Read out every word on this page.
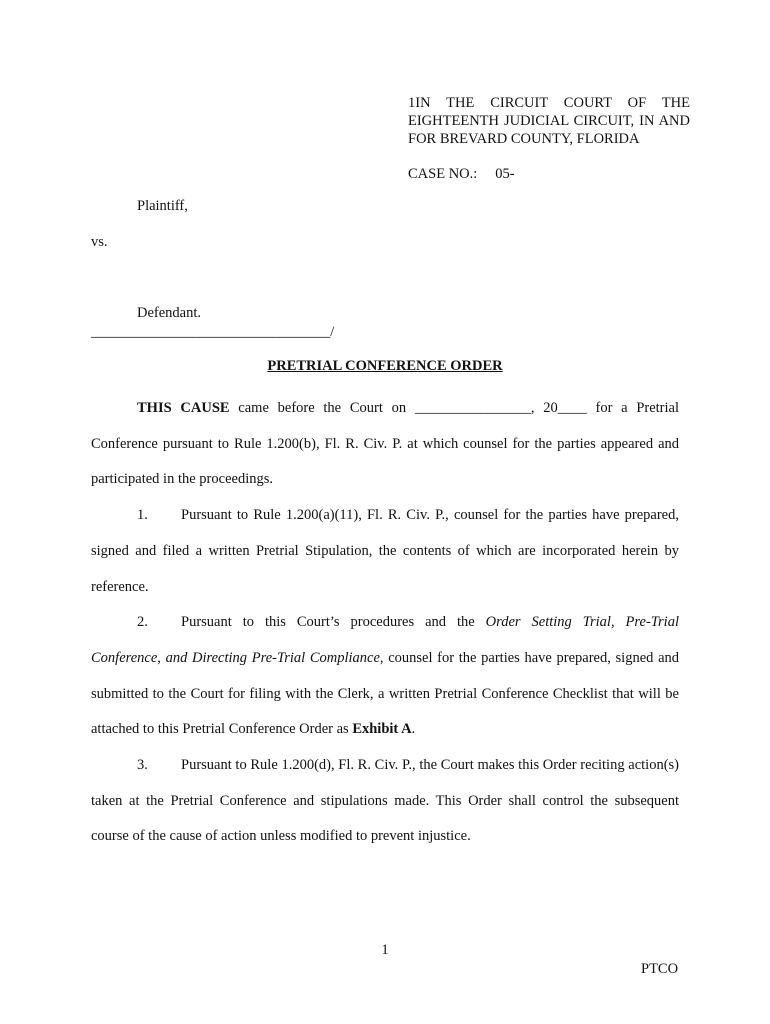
1IN THE CIRCUIT COURT OF THE EIGHTEENTH JUDICIAL CIRCUIT, IN AND FOR BREVARD COUNTY, FLORIDA
CASE NO.: 05-
Plaintiff,
vs.
Defendant.
_________________________________/
PRETRIAL CONFERENCE ORDER

THIS CAUSE came before the Court on ________________, 20____ for a Pretrial Conference pursuant to Rule 1.200(b), Fl. R. Civ. P. at which counsel for the parties appeared and participated in the proceedings.

1. Pursuant to Rule 1.200(a)(11), Fl. R. Civ. P., counsel for the parties have prepared, signed and filed a written Pretrial Stipulation, the contents of which are incorporated herein by reference.

2. Pursuant to this Court’s procedures and the Order Setting Trial, Pre-Trial Conference, and Directing Pre-Trial Compliance, counsel for the parties have prepared, signed and submitted to the Court for filing with the Clerk, a written Pretrial Conference Checklist that will be attached to this Pretrial Conference Order as Exhibit A.

3. Pursuant to Rule 1.200(d), Fl. R. Civ. P., the Court makes this Order reciting action(s) taken at the Pretrial Conference and stipulations made. This Order shall control the subsequent course of the cause of action unless modified to prevent injustice.

1
PTCO
